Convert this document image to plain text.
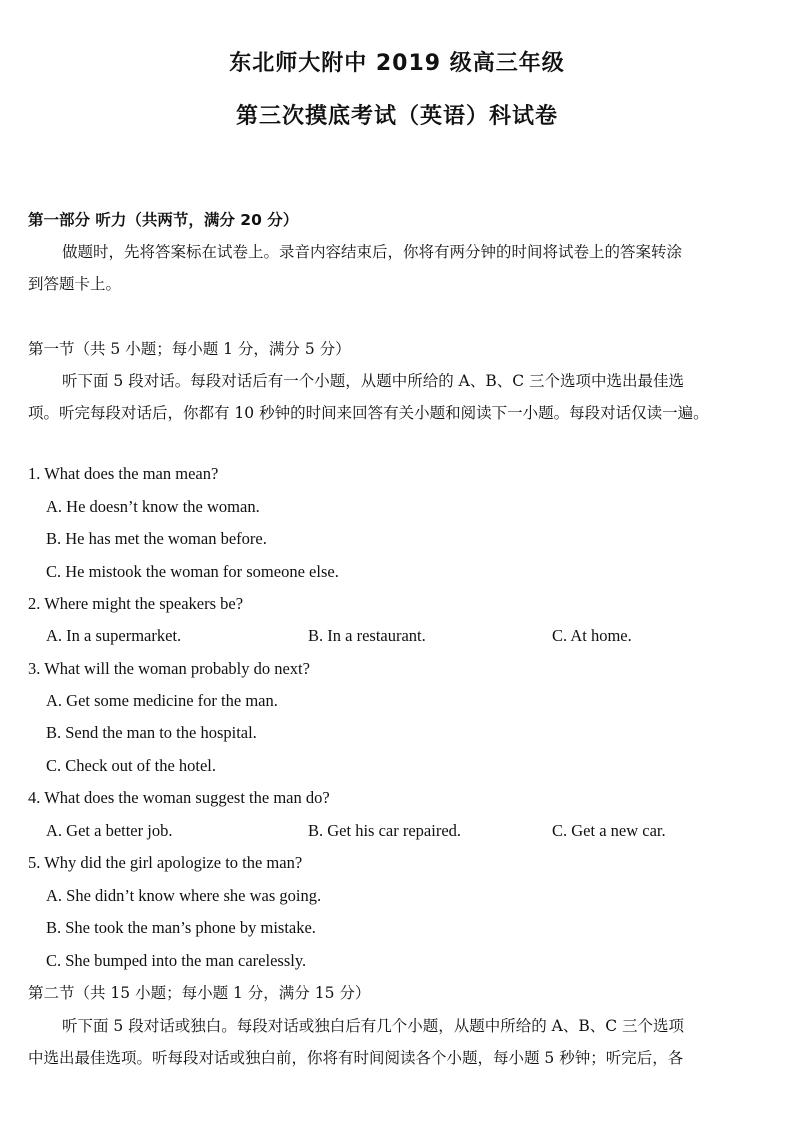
东北师大附中 2019 级高三年级
第三次摸底考试（英语）科试卷
第一部分 听力（共两节，满分 20 分）
做题时，先将答案标在试卷上。录音内容结束后，你将有两分钟的时间将试卷上的答案转涂
到答题卡上。
第一节（共 5 小题；每小题 1 分，满分 5 分）
听下面 5 段对话。每段对话后有一个小题，从题中所给的 A、B、C 三个选项中选出最佳选
项。听完每段对话后，你都有 10 秒钟的时间来回答有关小题和阅读下一小题。每段对话仅读一遍。
1. What does the man mean?
A. He doesn’t know the woman.
B. He has met the woman before.
C. He mistook the woman for someone else.
2. Where might the speakers be?
A. In a supermarket.	B. In a restaurant.	C. At home.
3. What will the woman probably do next?
A. Get some medicine for the man.
B. Send the man to the hospital.
C. Check out of the hotel.
4. What does the woman suggest the man do?
A. Get a better job.	B. Get his car repaired.	C. Get a new car.
5. Why did the girl apologize to the man?
A. She didn’t know where she was going.
B. She took the man’s phone by mistake.
C. She bumped into the man carelessly.
第二节（共 15 小题；每小题 1 分，满分 15 分）
听下面 5 段对话或独白。每段对话或独白后有几个小题，从题中所给的 A、B、C 三个选项
中选出最佳选项。听每段对话或独白前，你将有时间阅读各个小题，每小题 5 秒钟；听完后，各
